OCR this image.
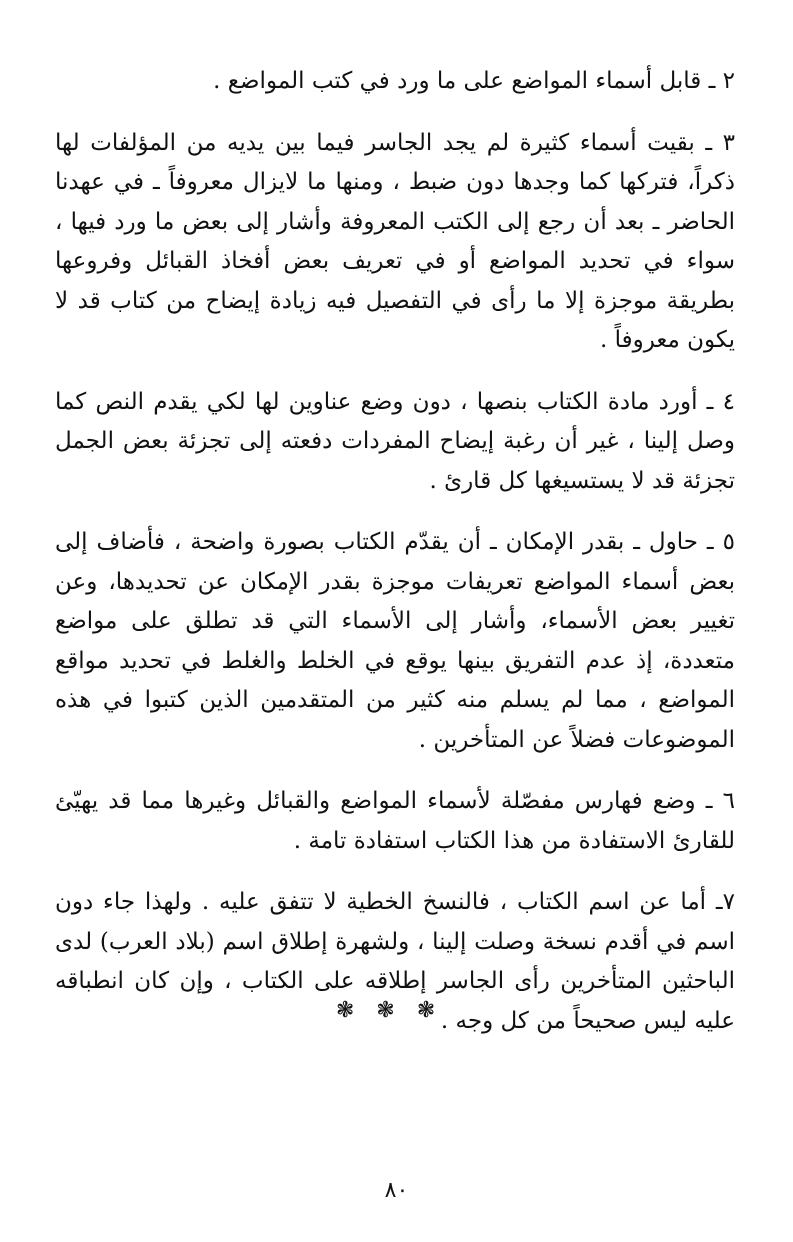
٢ ـ قابل أسماء المواضع على ما ورد في كتب المواضع .

٣ ـ بقيت أسماء كثيرة لم يجد الجاسر فيما بين يديه من المؤلفات لها ذكراً، فتركها كما وجدها دون ضبط ، ومنها ما لايزال معروفاً ـ في عهدنا الحاضر ـ بعد أن رجع إلى الكتب المعروفة وأشار إلى بعض ما ورد فيها ، سواء في تحديد المواضع أو في تعريف بعض أفخاذ القبائل وفروعها بطريقة موجزة إلا ما رأى في التفصيل فيه زيادة إيضاح من كتاب قد لا يكون معروفاً .

٤ ـ أورد مادة الكتاب بنصها ، دون وضع عناوين لها لكي يقدم النص كما وصل إلينا ، غير أن رغبة إيضاح المفردات دفعته إلى تجزئة بعض الجمل تجزئة قد لا يستسيغها كل قارئ .

٥ ـ حاول ـ بقدر الإمكان ـ أن يقدّم الكتاب بصورة واضحة ، فأضاف إلى بعض أسماء المواضع تعريفات موجزة بقدر الإمكان عن تحديدها، وعن تغيير بعض الأسماء، وأشار إلى الأسماء التي قد تطلق على مواضع متعددة، إذ عدم التفريق بينها يوقع في الخلط والغلط في تحديد مواقع المواضع ، مما لم يسلم منه كثير من المتقدمين الذين كتبوا في هذه الموضوعات فضلاً عن المتأخرين .

٦ ـ وضع فهارس مفصّلة لأسماء المواضع والقبائل وغيرها مما قد يهيّئ للقارئ الاستفادة من هذا الكتاب استفادة تامة .

٧ـ أما عن اسم الكتاب ، فالنسخ الخطية لا تتفق عليه . ولهذا جاء دون اسم في أقدم نسخة وصلت إلينا ، ولشهرة إطلاق اسم (بلاد العرب) لدى الباحثين المتأخرين رأى الجاسر إطلاقه على الكتاب ، وإن كان انطباقه عليه ليس صحيحاً من كل وجه .

❃❃❃
٨٠
